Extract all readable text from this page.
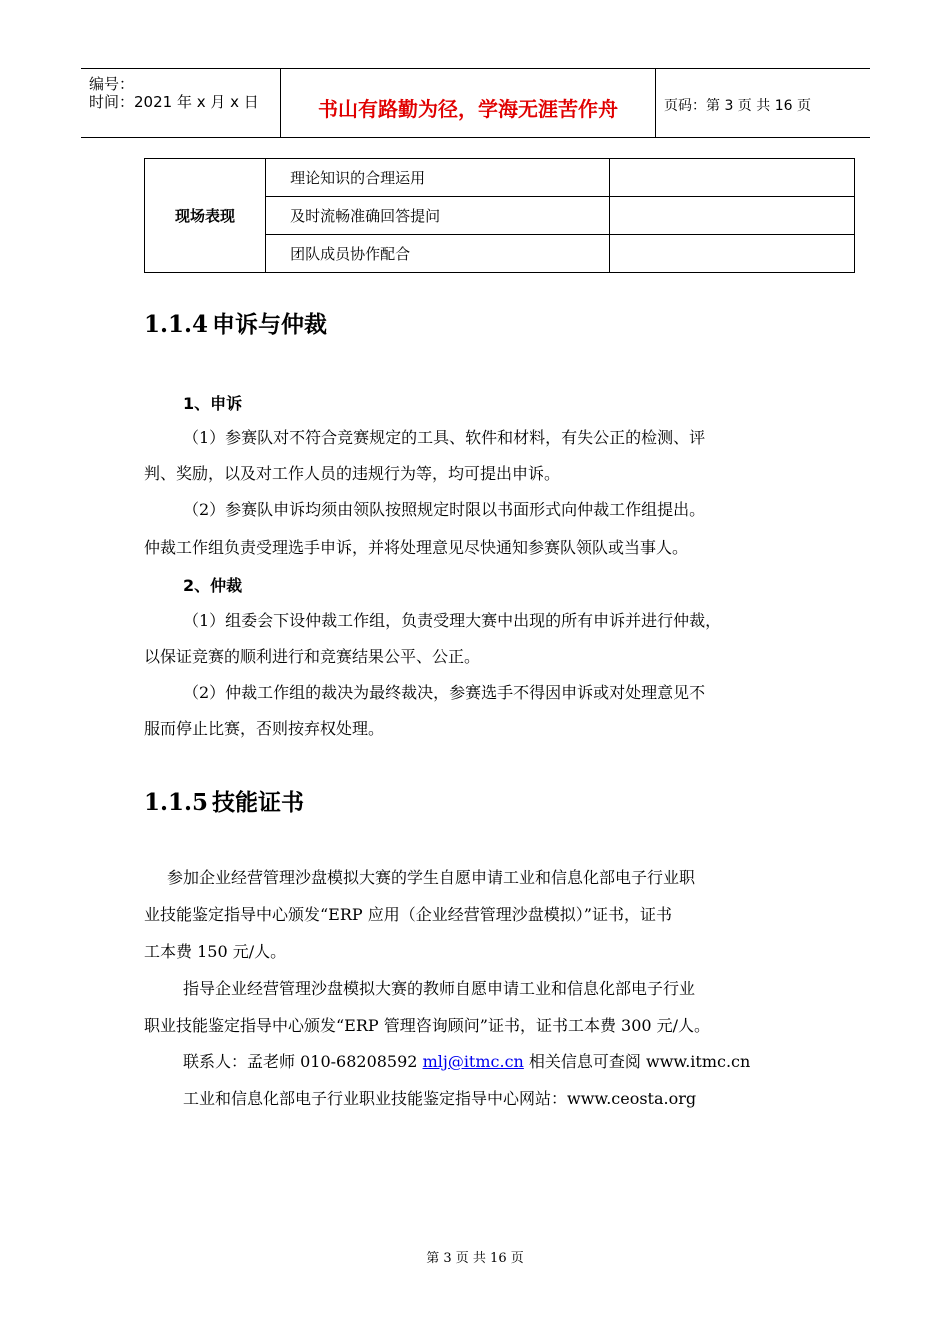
编号：
时间：2021 年 x 月 x 日	书山有路勤为径，学海无涯苦作舟	页码：第 3 页 共 16 页
现场表现	理论知识的合理运用	
	及时流畅准确回答提问	
	团队成员协作配合	
1.1.4 申诉与仲裁
1、申诉

（1）参赛队对不符合竞赛规定的工具、软件和材料，有失公正的检测、评

判、奖励，以及对工作人员的违规行为等，均可提出申诉。

（2）参赛队申诉均须由领队按照规定时限以书面形式向仲裁工作组提出。

仲裁工作组负责受理选手申诉，并将处理意见尽快通知参赛队领队或当事人。

2、仲裁

（1）组委会下设仲裁工作组，负责受理大赛中出现的所有申诉并进行仲裁，

以保证竞赛的顺利进行和竞赛结果公平、公正。

（2）仲裁工作组的裁决为最终裁决，参赛选手不得因申诉或对处理意见不

服而停止比赛，否则按弃权处理。

1.1.5 技能证书

参加企业经营管理沙盘模拟大赛的学生自愿申请工业和信息化部电子行业职

业技能鉴定指导中心颁发“ERP 应用（企业经营管理沙盘模拟）”证书，证书

工本费 150 元/人。

指导企业经营管理沙盘模拟大赛的教师自愿申请工业和信息化部电子行业

职业技能鉴定指导中心颁发“ERP 管理咨询顾问”证书，证书工本费 300 元/人。

联系人：孟老师 010-68208592 mlj@itmc.cn 相关信息可查阅 www.itmc.cn

工业和信息化部电子行业职业技能鉴定指导中心网站：www.ceosta.org

第 3 页 共 16 页
